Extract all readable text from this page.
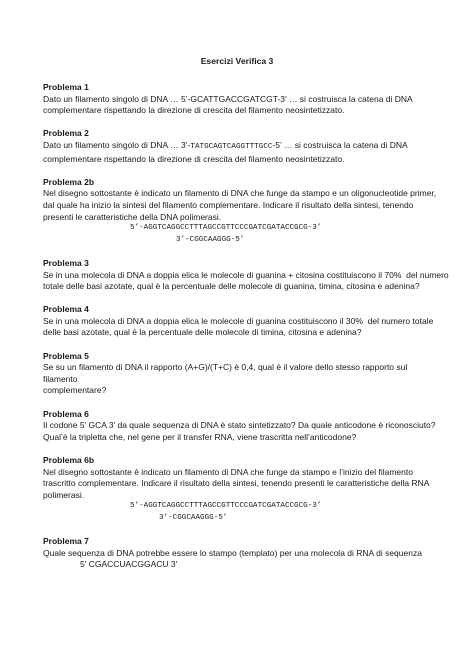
Esercizi Verifica 3
Problema 1
Dato un filamento singolo di DNA … 5’-GCATTGACCGATCGT-3’ … si costruisca la catena di DNA
complementare rispettando la direzione di crescita del filamento neosintetizzato.
Problema 2
Dato un filamento singolo di DNA … 3’-TATGCAGTCAGGTTTGCC-5’ … si costruisca la catena di DNA
complementare rispettando la direzione di crescita del filamento neosintetizzato.
Problema 2b
Nel disegno sottostante è indicato un filamento di DNA che funge da stampo e un oligonucleotide primer,
dal quale ha inizio la sintesi del filamento complementare. Indicare il risultato della sintesi, tenendo
presenti le caratteristiche della DNA polimerasi.
5’-AGGTCAGGCCTTTAGCCGTTCCCGATCGATACCGCG-3’
3’-CGGCAAGGG-5’
Problema 3
Se in una molecola di DNA a doppia elica le molecole di guanina + citosina costituiscono il 70%  del numero
totale delle basi azotate, qual è la percentuale delle molecole di guanina, timina, citosina e adenina?
Problema 4
Se in una molecola di DNA a doppia elica le molecole di guanina costituiscono il 30%  del numero totale
delle basi azotate, qual è la percentuale delle molecole di timina, citosina e adenina?
Problema 5
Se su un filamento di DNA il rapporto (A+G)/(T+C) è 0,4, qual è il valore dello stesso rapporto sul filamento
complementare?
Problema 6
Il codone 5’ GCA 3’ da quale sequenza di DNA è stato sintetizzato? Da quale anticodone è riconosciuto?
Qual’è la tripletta che, nel gene per il transfer RNA, viene trascritta nell’anticodone?
Problema 6b
Nel disegno sottostante è indicato un filamento di DNA che funge da stampo e l’inizio del filamento
trascritto complementare. Indicare il risultato della sintesi, tenendo presenti le caratteristiche della RNA
polimerasi.
5’-AGGTCAGGCCTTTAGCCGTTCCCGATCGATACCGCG-3’
3’-CGGCAAGGG-5’
Problema 7
Quale sequenza di DNA potrebbe essere lo stampo (templato) per una molecola di RNA di sequenza
5' CGACCUACGGACU 3'
